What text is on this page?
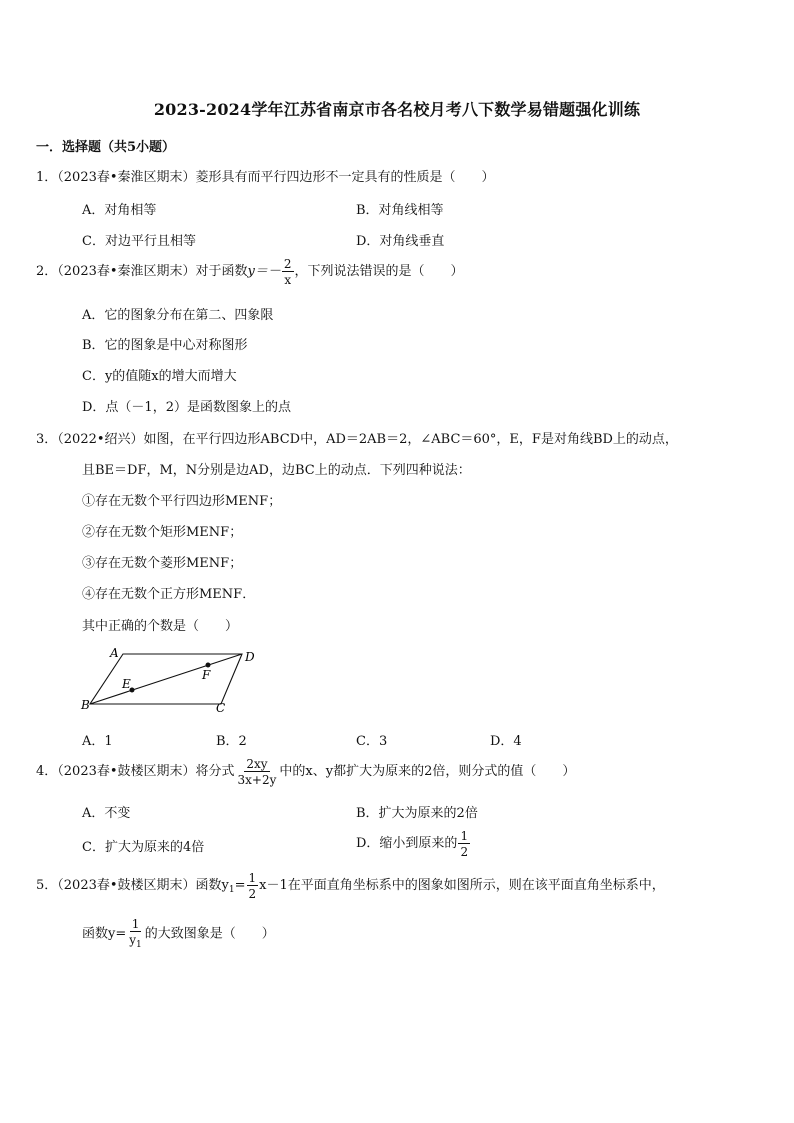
2023-2024学年江苏省南京市各名校月考八下数学易错题强化训练
一．选择题（共5小题）
1．（2023春•秦淮区期末）菱形具有而平行四边形不一定具有的性质是（　　）
A．对角相等	B．对角线相等
C．对边平行且相等	D．对角线垂直
2．（2023春•秦淮区期末）对于函数$y=- \frac{2}{x}$ ，下列说法错误的是（　　）
A．它的图象分布在第二、四象限
B．它的图象是中心对称图形
C．y的值随x的增大而增大
D．点（－1，2）是函数图象上的点
3．（2022•绍兴）如图，在平行四边形ABCD中，AD＝2AB＝2，∠ABC＝60°，E，F是对角线BD上的动点，
且BE＝DF，M，N分别是边AD，边BC上的动点．下列四种说法：
①存在无数个平行四边形MENF；
②存在无数个矩形MENF；
③存在无数个菱形MENF；
④存在无数个正方形MENF．
其中正确的个数是（　　）
A	D
B	C
E
F
A．1	B．2	C．3	D．4
4．（2023春•鼓楼区期末）将分式 $\frac{2xy}{3x+2y}$ 中的x、y都扩大为原来的2倍，则分式的值（　　）
A．不变	B．扩大为原来的2倍
C．扩大为原来的4倍	D．缩小到原来的 $\frac{1}{2}$
5．（2023春•鼓楼区期末）函数$y_1= \frac{1}{2} x-1$在平面直角坐标系中的图象如图所示，则在该平面直角坐标系中，
函数$y= \frac{1}{y_1}$ 的大致图象是（　　）
